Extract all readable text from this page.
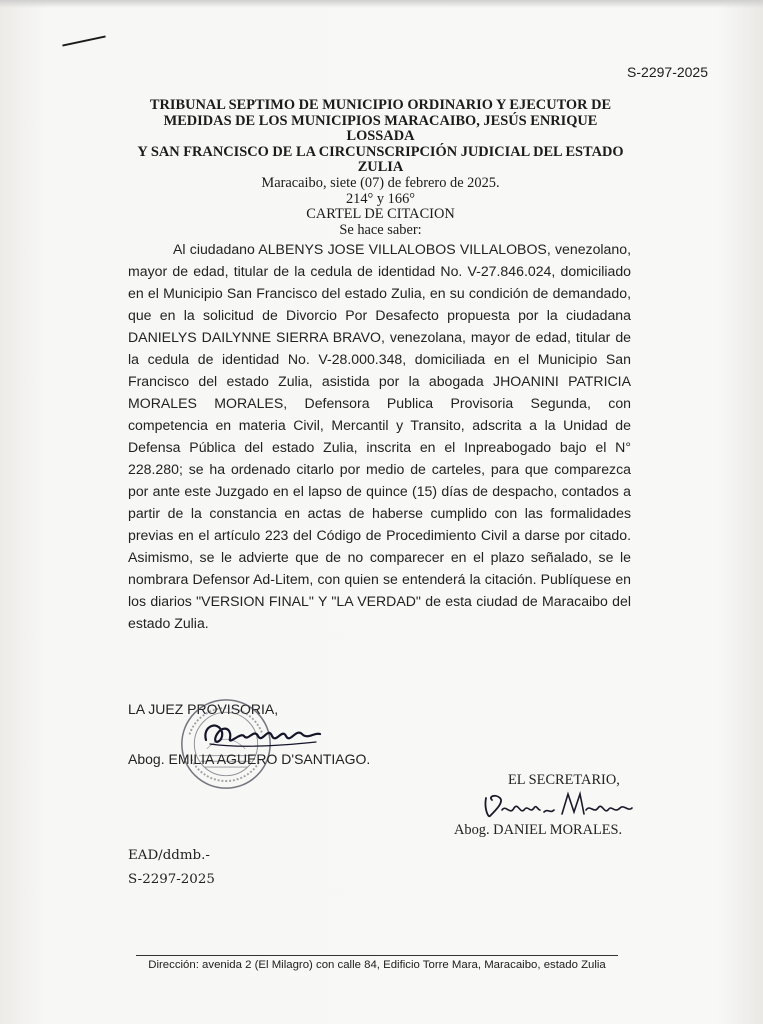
S-2297-2025
TRIBUNAL SEPTIMO DE MUNICIPIO ORDINARIO Y EJECUTOR DE
MEDIDAS DE LOS MUNICIPIOS MARACAIBO, JESÚS ENRIQUE LOSSADA
Y SAN FRANCISCO DE LA CIRCUNSCRIPCIÓN JUDICIAL DEL ESTADO
ZULIA
Maracaibo, siete (07) de febrero de 2025.
214° y 166°
CARTEL DE CITACION
Se hace saber:

Al ciudadano ALBENYS JOSE VILLALOBOS VILLALOBOS, venezolano, mayor de edad, titular de la cedula de identidad No. V-27.846.024, domiciliado en el Municipio San Francisco del estado Zulia, en su condición de demandado, que en la solicitud de Divorcio Por Desafecto propuesta por la ciudadana DANIELYS DAILYNNE SIERRA BRAVO, venezolana, mayor de edad, titular de la cedula de identidad No. V-28.000.348, domiciliada en el Municipio San Francisco del estado Zulia, asistida por la abogada JHOANINI PATRICIA MORALES MORALES, Defensora Publica Provisoria Segunda, con competencia en materia Civil, Mercantil y Transito, adscrita a la Unidad de Defensa Pública del estado Zulia, inscrita en el Inpreabogado bajo el N° 228.280; se ha ordenado citarlo por medio de carteles, para que comparezca por ante este Juzgado en el lapso de quince (15) días de despacho, contados a partir de la constancia en actas de haberse cumplido con las formalidades previas en el artículo 223 del Código de Procedimiento Civil a darse por citado. Asimismo, se le advierte que de no comparecer en el plazo señalado, se le nombrara Defensor Ad-Litem, con quien se entenderá la citación. Publíquese en los diarios "VERSION FINAL" Y "LA VERDAD" de esta ciudad de Maracaibo del estado Zulia.

LA JUEZ PROVISORIA,
Abog. EMILIA AGUERO D'SANTIAGO.
EL SECRETARIO,
Abog. DANIEL MORALES.
EAD/ddmb.-
S-2297-2025
Dirección: avenida 2 (El Milagro) con calle 84, Edificio Torre Mara, Maracaibo, estado Zulia
